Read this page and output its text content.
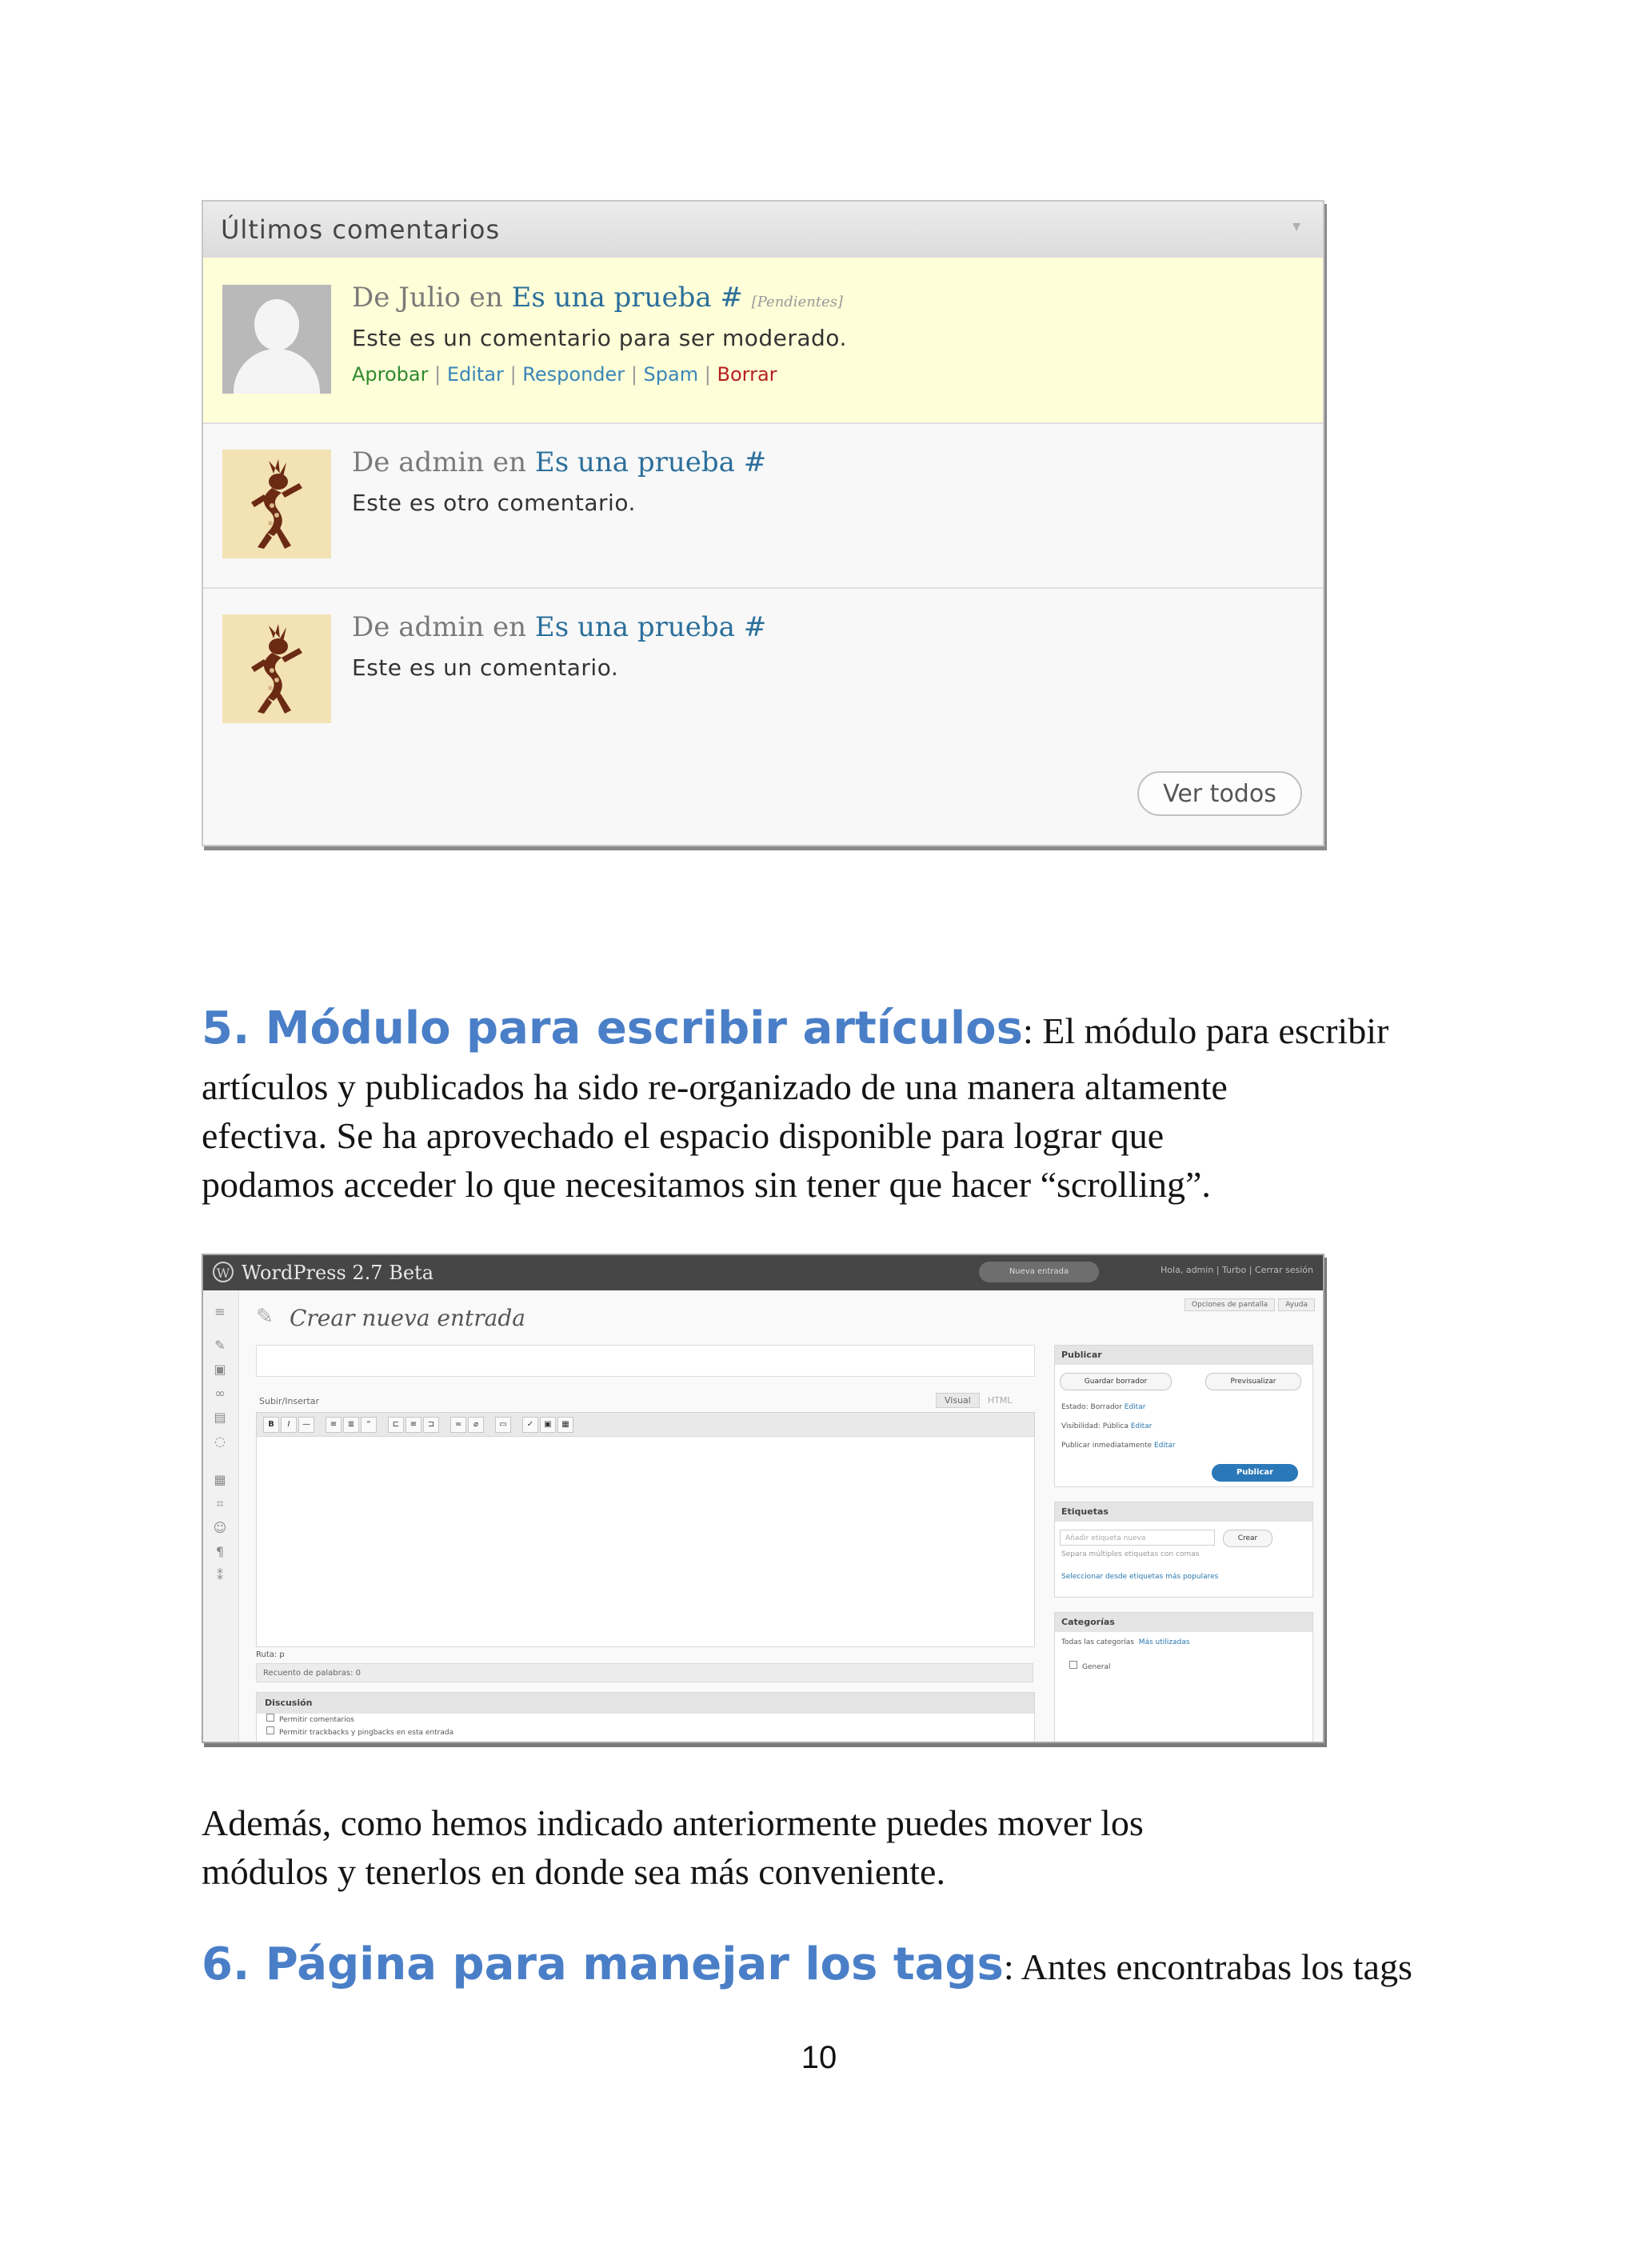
Últimos comentarios	▾
De Julio en Es una prueba # [Pendientes]
Este es un comentario para ser moderado.
Aprobar | Editar | Responder | Spam | Borrar
De admin en Es una prueba #
Este es otro comentario.
De admin en Es una prueba #
Este es un comentario.
Ver todos
5. Módulo para escribir artículos: El módulo para escribir
artículos y publicados ha sido re-organizado de una manera altamente
efectiva. Se ha aprovechado el espacio disponible para lograr que
podamos acceder lo que necesitamos sin tener que hacer “scrolling”.
W WordPress 2.7 Beta	Nueva entrada	Hola, admin | Turbo | Cerrar sesión
≡
✎
▣
∞
▤
◌
▦
⌗
☺
¶
⁑
✎ Crear nueva entrada	Opciones de pantalla Ayuda
Subir/Insertar	Visual HTML
B	I	—	≡	≣	“	⊏	≡	⊐	∞	⌀	▭	✓	▣	▦
Ruta: p
Recuento de palabras: 0
Discusión
Permitir comentarios
Permitir trackbacks y pingbacks en esta entrada
Publicar
Guardar borrador	Previsualizar
Estado: Borrador Editar
Visibilidad: Pública Editar
Publicar inmediatamente Editar
Publicar
Etiquetas
Añadir etiqueta nueva	Crear
Separa múltiples etiquetas con comas
Seleccionar desde etiquetas más populares
Categorías
Todas las categorías Más utilizadas
General
Además, como hemos indicado anteriormente puedes mover los
módulos y tenerlos en donde sea más conveniente.
6. Página para manejar los tags: Antes encontrabas los tags
10
